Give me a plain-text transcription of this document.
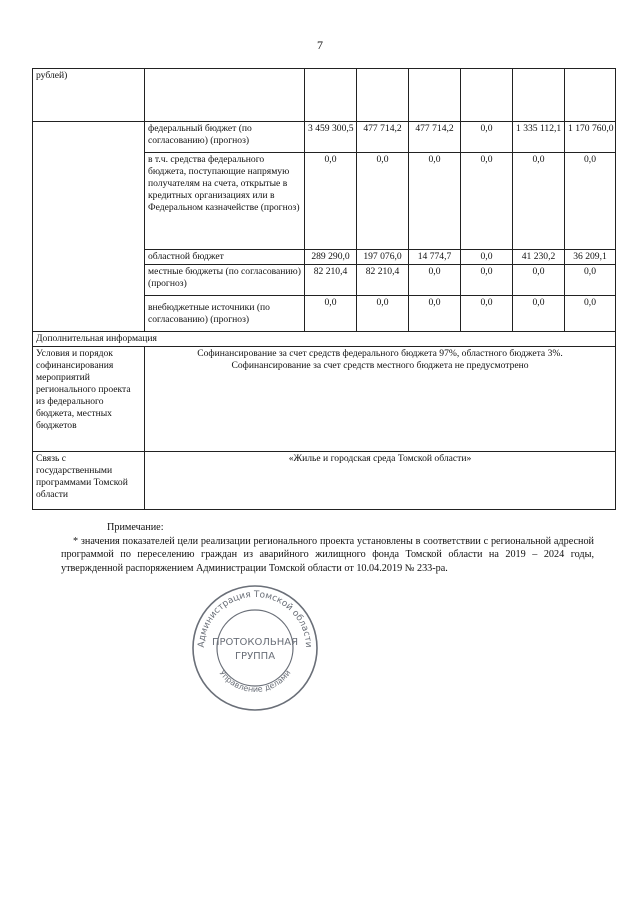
7
рублей)							
	федеральный бюджет (по согласованию) (прогноз)	3 459 300,5	477 714,2	477 714,2	0,0	1 335 112,1	1 170 760,0
	в т.ч. средства федерального бюджета, поступающие напрямую получателям на счета, открытые в кредитных организациях или в Федеральном казначействе (прогноз)	0,0	0,0	0,0	0,0	0,0	0,0
	областной бюджет	289 290,0	197 076,0	14 774,7	0,0	41 230,2	36 209,1
	местные бюджеты (по согласованию) (прогноз)	82 210,4	82 210,4	0,0	0,0	0,0	0,0
	внебюджетные источники (по согласованию) (прогноз)	0,0	0,0	0,0	0,0	0,0	0,0
Дополнительная информация							
Условия и порядок софинансирования мероприятий регионального проекта из федерального бюджета, местных бюджетов	Софинансирование за счет средств федерального бюджета 97%, областного бюджета 3%.
Софинансирование за счет средств местного бюджета не предусмотрено						

Связь с государственными программами Томской области	«Жилье и городская среда Томской области»						
Примечание:
* значения показателей цели реализации регионального проекта установлены в соответствии с региональной адресной программой по переселению граждан из аварийного жилищного фонда Томской области на 2019 – 2024 годы, утвержденной распоряжением Администрации Томской области от 10.04.2019 № 233-ра.
Администрация Томской области
Управление делами
ПРОТОКОЛЬНАЯ
ГРУППА
